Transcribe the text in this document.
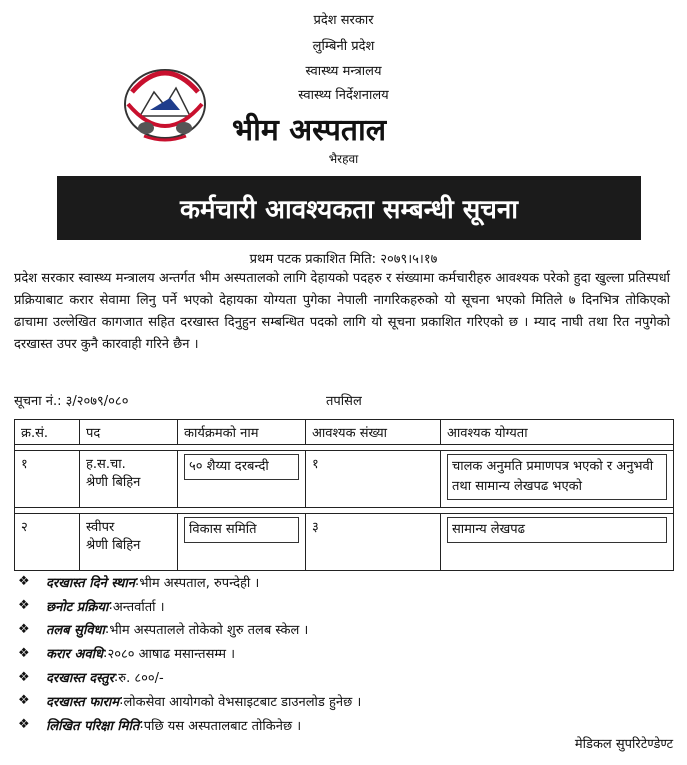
प्रदेश सरकार
लुम्बिनी प्रदेश
स्वास्थ्य मन्त्रालय
स्वास्थ्य निर्देशनालय
भीम अस्पताल
भैरहवा
कर्मचारी आवश्यकता सम्बन्धी सूचना
प्रथम पटक प्रकाशित मिति: २०७९।५।१७

प्रदेश सरकार स्वास्थ्य मन्त्रालय अन्तर्गत भीम अस्पतालको लागि देहायको पदहरु र संख्यामा कर्मचारीहरु आवश्यक परेको हुदा खुल्ला प्रतिस्पर्धा प्रक्रियाबाट करार सेवामा लिनु पर्ने भएको देहायका योग्यता पुगेका नेपाली नागरिकहरुको यो सूचना भएको मितिले ७ दिनभित्र तोकिएको ढाचामा उल्लेखित कागजात सहित दरखास्त दिनुहुन सम्बन्धित पदको लागि यो सूचना प्रकाशित गरिएको छ । म्याद नाघी तथा रित नपुगेको दरखास्त उपर कुनै कारवाही गरिने छैन ।

सूचना नं.: ३/२०७९/०८०	तपसिल
क्र.सं.	पद	कार्यक्रमको नाम	आवश्यक संख्या	आवश्यक योग्यता

१	ह.स.चा.
श्रेणी बिहिन	५० शैय्या दरबन्दी	१	चालक अनुमति प्रमाणपत्र भएको र अनुभवी तथा सामान्य लेखपढ भएको

२	स्वीपर
श्रेणी बिहिन	विकास समिति	३	सामान्य लेखपढ
❖	दरखास्त दिने स्थान : भीम अस्पताल, रुपन्देही ।
❖	छनोट प्रक्रिया : अन्तर्वार्ता ।
❖	तलब सुविधा : भीम अस्पतालले तोकेको शुरु तलब स्केल ।
❖	करार अवधि : २०८० आषाढ मसान्तसम्म ।
❖	दरखास्त दस्तुर : रु. ८००/-
❖	दरखास्त फाराम : लोकसेवा आयोगको वेभसाइटबाट डाउनलोड हुनेछ ।
❖	लिखित परिक्षा मिति : पछि यस अस्पतालबाट तोकिनेछ ।
मेडिकल सुपरिटेण्डेण्ट
